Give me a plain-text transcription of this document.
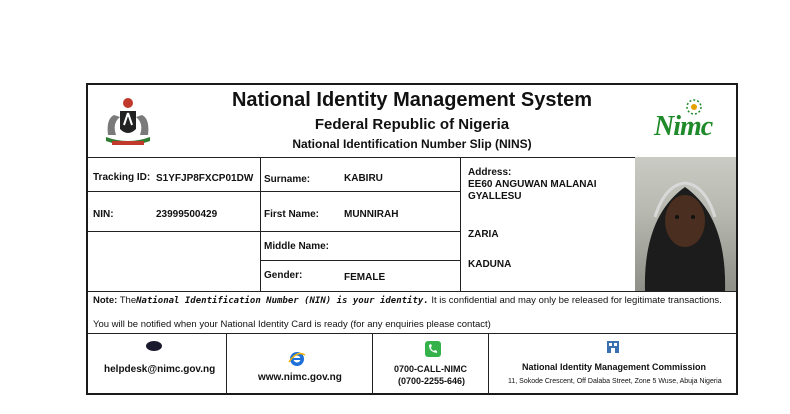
National Identity Management System
Federal Republic of Nigeria
National Identification Number Slip (NINS)
Nimc
Tracking ID: S1YFJP8FXCP01DW
NIN:	23999500429
Surname:	KABIRU
First Name: MUNNIRAH
Middle Name:
Gender:	FEMALE
Address:
EE60 ANGUWAN MALANAI
GYALLESU
ZARIA
KADUNA
Note: TheNational Identification Number (NIN) is your identity. It is confidential and may only be released for legitimate transactions.
You will be notified when your National Identity Card is ready (for any enquiries please contact)
helpdesk@nimc.gov.ng
www.nimc.gov.ng
0700-CALL-NIMC
(0700-2255-646)
National Identity Management Commission
11, Sokode Crescent, Off Dalaba Street, Zone 5 Wuse, Abuja Nigeria
